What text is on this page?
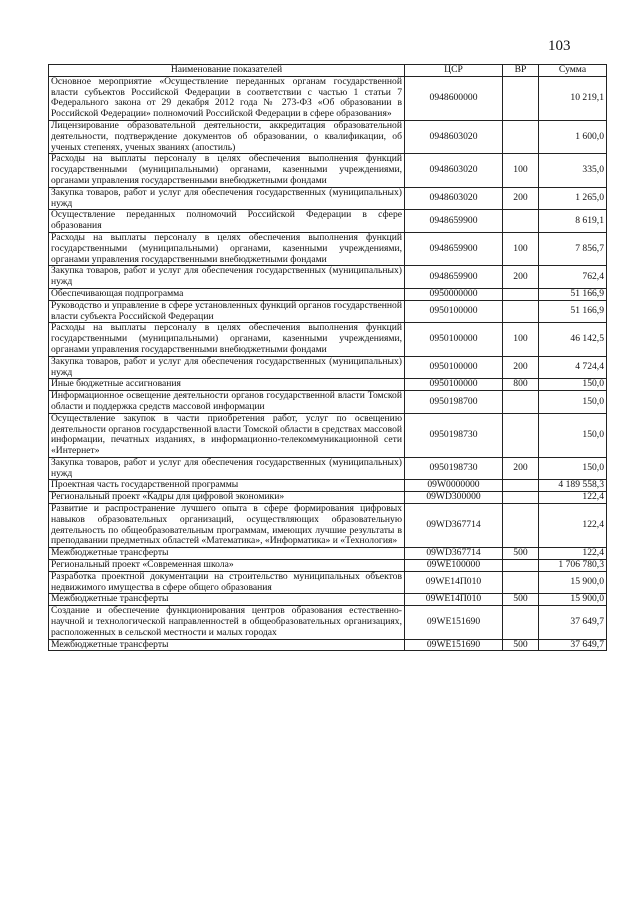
103
Наименование показателей	ЦСР	ВР	Сумма
Основное мероприятие «Осуществление переданных органам государственной власти субъектов Российской Федерации в соответствии с частью 1 статьи 7 Федерального закона от 29 декабря 2012 года № 273-ФЗ «Об образовании в Российской Федерации» полномочий Российской Федерации в сфере образования»	0948600000		10 219,1
Лицензирование образовательной деятельности, аккредитация образовательной деятельности, подтверждение документов об образовании, о квалификации, об ученых степенях, ученых званиях (апостиль)	0948603020		1 600,0
Расходы на выплаты персоналу в целях обеспечения выполнения функций государственными (муниципальными) органами, казенными учреждениями, органами управления государственными внебюджетными фондами	0948603020	100	335,0
Закупка товаров, работ и услуг для обеспечения государственных (муниципальных) нужд	0948603020	200	1 265,0
Осуществление переданных полномочий Российской Федерации в сфере образования	0948659900		8 619,1
Расходы на выплаты персоналу в целях обеспечения выполнения функций государственными (муниципальными) органами, казенными учреждениями, органами управления государственными внебюджетными фондами	0948659900	100	7 856,7
Закупка товаров, работ и услуг для обеспечения государственных (муниципальных) нужд	0948659900	200	762,4
Обеспечивающая подпрограмма	0950000000		51 166,9
Руководство и управление в сфере установленных функций органов государственной власти субъекта Российской Федерации	0950100000		51 166,9
Расходы на выплаты персоналу в целях обеспечения выполнения функций государственными (муниципальными) органами, казенными учреждениями, органами управления государственными внебюджетными фондами	0950100000	100	46 142,5
Закупка товаров, работ и услуг для обеспечения государственных (муниципальных) нужд	0950100000	200	4 724,4
Иные бюджетные ассигнования	0950100000	800	150,0
Информационное освещение деятельности органов государственной власти Томской области и поддержка средств массовой информации	0950198700		150,0
Осуществление закупок в части приобретения работ, услуг по освещению деятельности органов государственной власти Томской области в средствах массовой информации, печатных изданиях, в информационно-телекоммуникационной сети «Интернет»	0950198730		150,0
Закупка товаров, работ и услуг для обеспечения государственных (муниципальных) нужд	0950198730	200	150,0
Проектная часть государственной программы	09W0000000		4 189 558,3
Региональный проект «Кадры для цифровой экономики»	09WD300000		122,4
Развитие и распространение лучшего опыта в сфере формирования цифровых навыков образовательных организаций, осуществляющих образовательную деятельность по общеобразовательным программам, имеющих лучшие результаты в преподавании предметных областей «Математика», «Информатика» и «Технология»	09WD367714		122,4
Межбюджетные трансферты	09WD367714	500	122,4
Региональный проект «Современная школа»	09WE100000		1 706 780,3
Разработка проектной документации на строительство муниципальных объектов недвижимого имущества в сфере общего образования	09WE14П010		15 900,0
Межбюджетные трансферты	09WE14П010	500	15 900,0
Создание и обеспечение функционирования центров образования естественно-научной и технологической направленностей в общеобразовательных организациях, расположенных в сельской местности и малых городах	09WE151690		37 649,7
Межбюджетные трансферты	09WE151690	500	37 649,7
